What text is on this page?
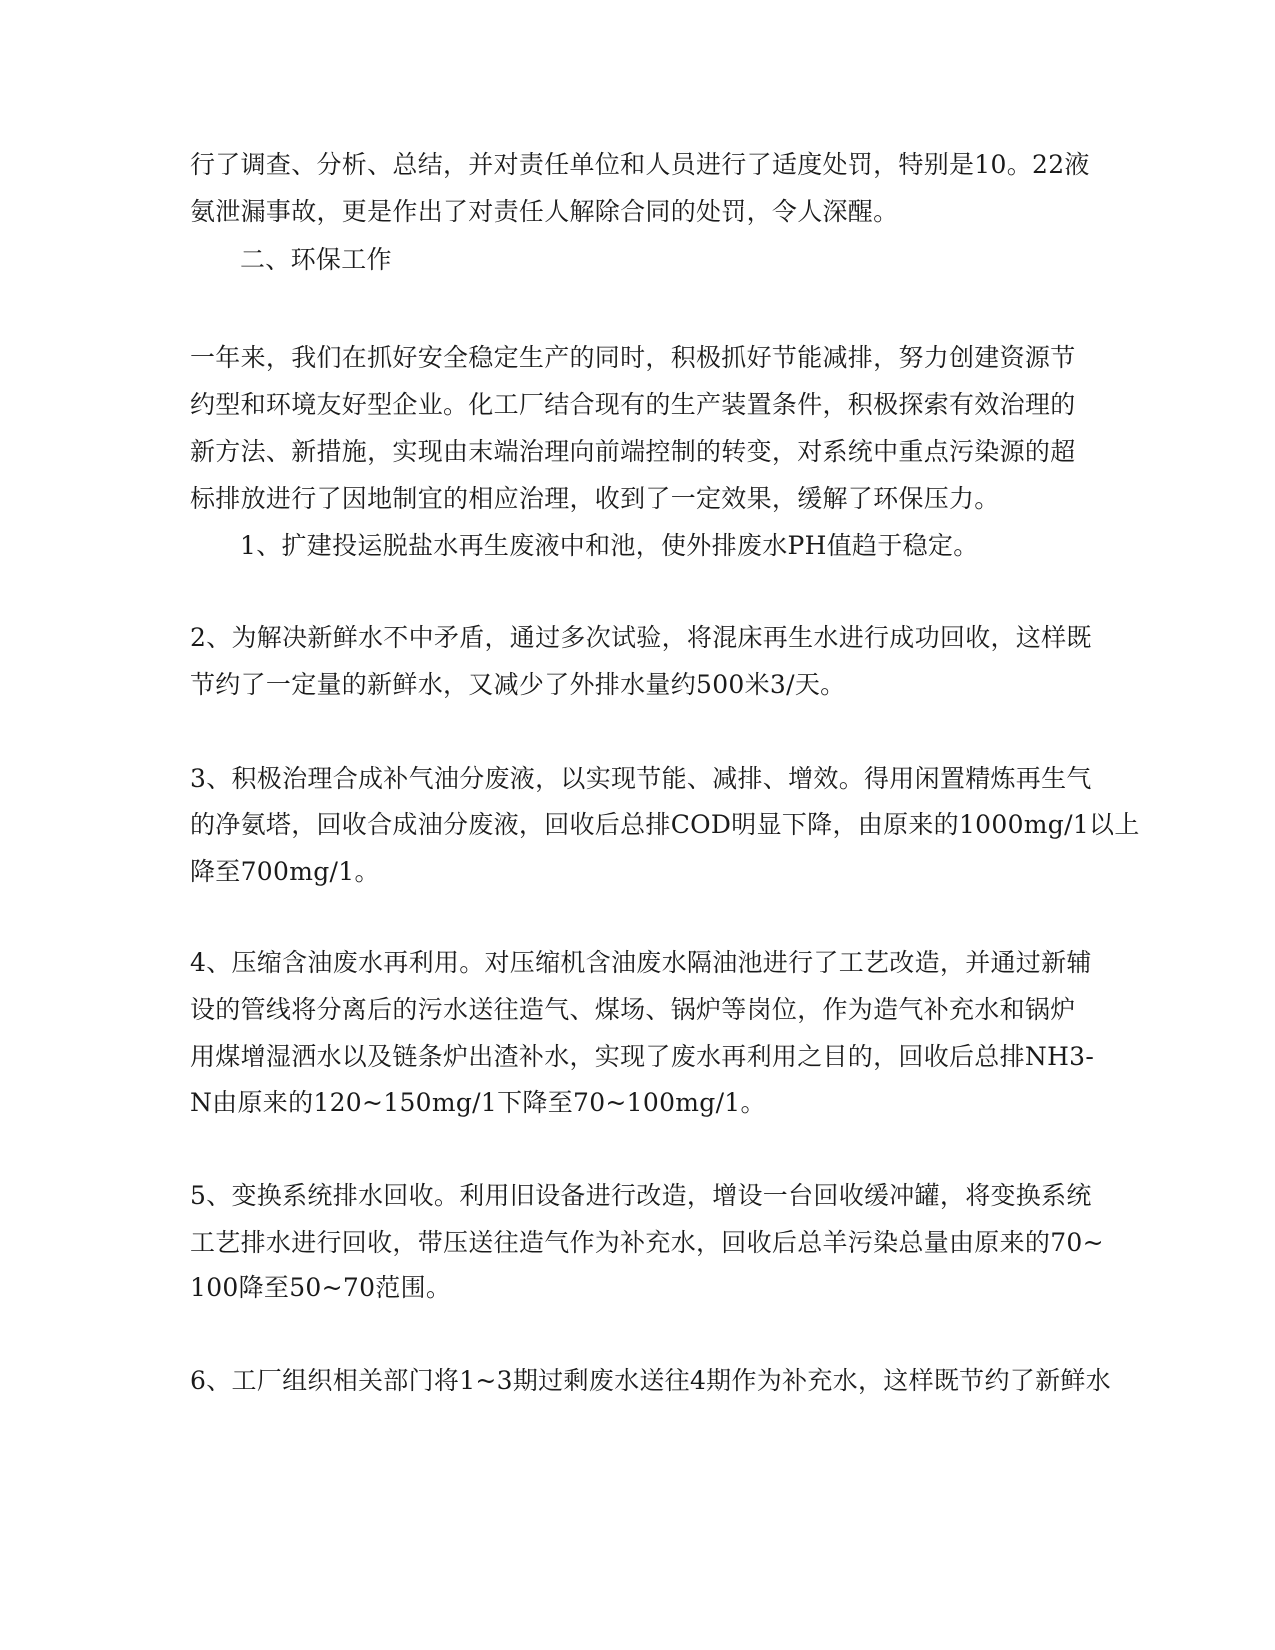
行了调查、分析、总结，并对责任单位和人员进行了适度处罚，特别是10。22液
氨泄漏事故，更是作出了对责任人解除合同的处罚，令人深醒。
二、环保工作
一年来，我们在抓好安全稳定生产的同时，积极抓好节能减排，努力创建资源节
约型和环境友好型企业。化工厂结合现有的生产装置条件，积极探索有效治理的
新方法、新措施，实现由末端治理向前端控制的转变，对系统中重点污染源的超
标排放进行了因地制宜的相应治理，收到了一定效果，缓解了环保压力。
1、扩建投运脱盐水再生废液中和池，使外排废水PH值趋于稳定。
2、为解决新鲜水不中矛盾，通过多次试验，将混床再生水进行成功回收，这样既
节约了一定量的新鲜水，又减少了外排水量约500米3/天。
3、积极治理合成补气油分废液，以实现节能、减排、增效。得用闲置精炼再生气
的净氨塔，回收合成油分废液，回收后总排COD明显下降，由原来的1000mg/1以上
降至700mg/1。
4、压缩含油废水再利用。对压缩机含油废水隔油池进行了工艺改造，并通过新辅
设的管线将分离后的污水送往造气、煤场、锅炉等岗位，作为造气补充水和锅炉
用煤增湿洒水以及链条炉出渣补水，实现了废水再利用之目的，回收后总排NH3-
N由原来的120~150mg/1下降至70~100mg/1。
5、变换系统排水回收。利用旧设备进行改造，增设一台回收缓冲罐，将变换系统
工艺排水进行回收，带压送往造气作为补充水，回收后总羊污染总量由原来的70~
100降至50~70范围。
6、工厂组织相关部门将1~3期过剩废水送往4期作为补充水，这样既节约了新鲜水
